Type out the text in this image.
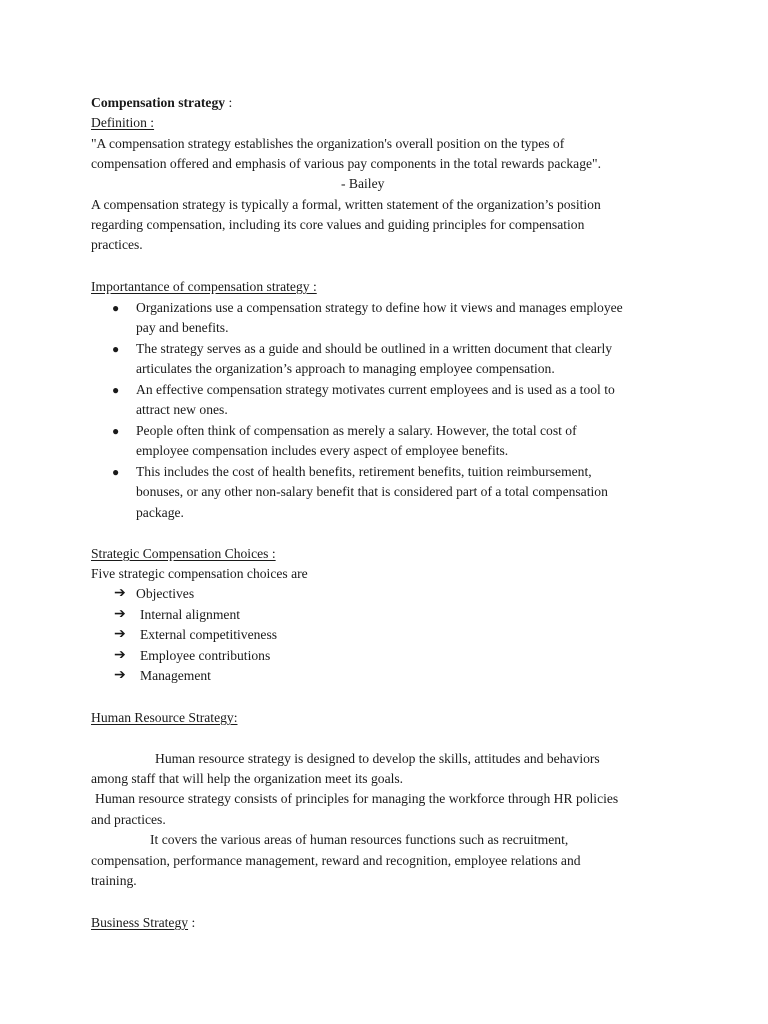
Compensation strategy :
Definition :
"A compensation strategy establishes the organization's overall position on the types of
compensation offered and emphasis of various pay components in the total rewards package".
- Bailey
A compensation strategy is typically a formal, written statement of the organization’s position
regarding compensation, including its core values and guiding principles for compensation
practices.
Importantance of compensation strategy :
● Organizations use a compensation strategy to define how it views and manages employee
pay and benefits.
● The strategy serves as a guide and should be outlined in a written document that clearly
articulates the organization’s approach to managing employee compensation.
● An effective compensation strategy motivates current employees and is used as a tool to
attract new ones.
● People often think of compensation as merely a salary. However, the total cost of
employee compensation includes every aspect of employee benefits.
● This includes the cost of health benefits, retirement benefits, tuition reimbursement,
bonuses, or any other non-salary benefit that is considered part of a total compensation
package.
Strategic Compensation Choices :
Five strategic compensation choices are
➔ Objectives
➔ Internal alignment
➔ External competitiveness
➔ Employee contributions
➔ Management
Human Resource Strategy:
Human resource strategy is designed to develop the skills, attitudes and behaviors
among staff that will help the organization meet its goals.
Human resource strategy consists of principles for managing the workforce through HR policies
and practices.
It covers the various areas of human resources functions such as recruitment,
compensation, performance management, reward and recognition, employee relations and
training.
Business Strategy :
